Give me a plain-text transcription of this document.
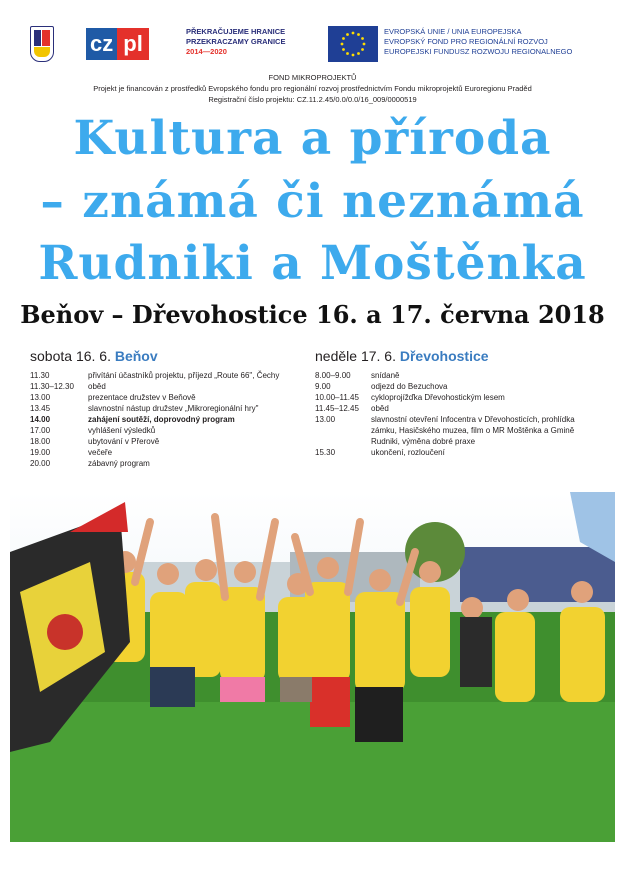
cz pl	PŘEKRAČUJEME HRANICE
PRZEKRACZAMY GRANICE
2014—2020
EVROPSKÁ UNIE / UNIA EUROPEJSKA
EVROPSKÝ FOND PRO REGIONÁLNÍ ROZVOJ
EUROPEJSKI FUNDUSZ ROZWOJU REGIONALNEGO
FOND MIKROPROJEKTŮ
Projekt je financován z prostředků Evropského fondu pro regionální rozvoj prostřednictvím Fondu mikroprojektů Euroregionu Praděd
Registrační číslo projektu: CZ.11.2.45/0.0/0.0/16_009/0000519
Kultura a příroda
– známá či neznámá
Rudniki a Moštěnka
Beňov – Dřevohostice 16. a 17. června 2018
sobota 16. 6. Beňov	neděle 17. 6. Dřevohostice
11.30	přivítání účastníků projektu, příjezd „Route 66", Čechy
11.30–12.30	oběd
13.00	prezentace družstev v Beňově
13.45	slavnostní nástup družstev „Mikroregionální hry"
14.00	zahájení soutěží, doprovodný program
17.00	vyhlášení výsledků
18.00	ubytování v Přerově
19.00	večeře
20.00	zábavný program
8.00–9.00	snídaně
9.00	odjezd do Bezuchova
10.00–11.45	cykloprojížďka Dřevohostickým lesem
11.45–12.45	oběd
13.00	slavnostní otevření Infocentra v Dřevohosticích, prohlídka zámku, Hasičského muzea, film o MR Moštěnka a Gmině Rudniki, výměna dobré praxe
15.30	ukončení, rozloučení
